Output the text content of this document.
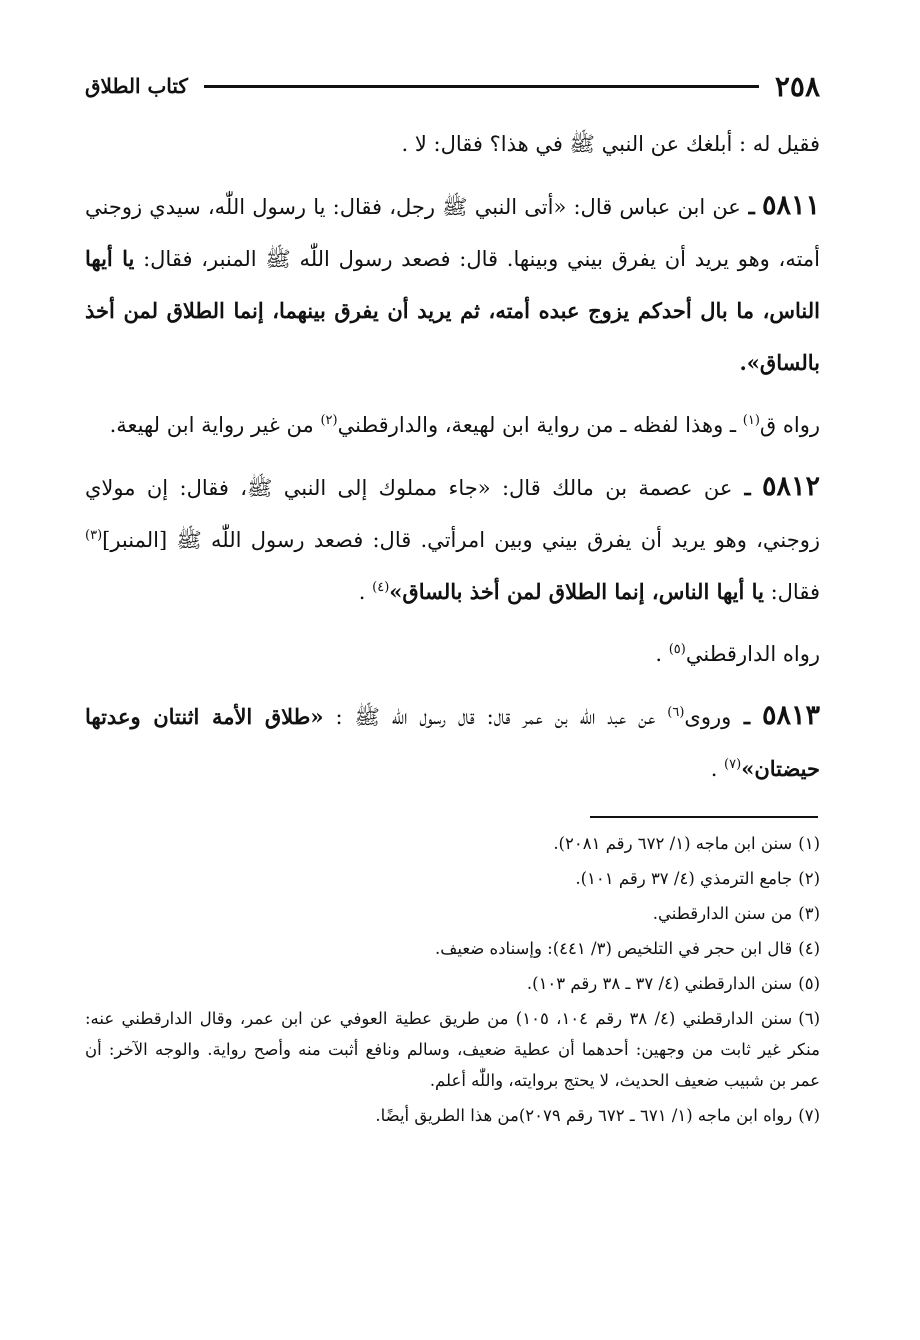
٢٥٨
كتاب الطلاق

فقيل له : أبلغك عن النبي ﷺ في هذا؟ فقال: لا .

٥٨١١ ـ عن ابن عباس قال: «أتى النبي ﷺ رجل، فقال: يا رسول اللّٰه، سيدي زوجني أمته، وهو يريد أن يفرق بيني وبينها. قال: فصعد رسول اللّٰه ﷺ المنبر، فقال: يا أيها الناس، ما بال أحدكم يزوج عبده أمته، ثم يريد أن يفرق بينهما، إنما الطلاق لمن أخذ بالساق».

رواه ق$^{(١)}$ ـ وهذا لفظه ـ من رواية ابن لهيعة، والدارقطني$^{(٢)}$ من غير رواية ابن لهيعة.

٥٨١٢ ـ عن عصمة بن مالك قال: «جاء مملوك إلى النبي ﷺ، فقال: إن مولاي زوجني، وهو يريد أن يفرق بيني وبين امرأتي. قال: فصعد رسول اللّٰه ﷺ [المنبر]$^{(٣)}$ فقال: يا أيها الناس، إنما الطلاق لمن أخذ بالساق»$^{(٤)}$ .

رواه الدارقطني$^{(٥)}$ .

٥٨١٣ ـ وروى$^{(٦)}$ عن عبد اللّٰه بن عمر قال: قال رسول اللّٰه ﷺ : «طلاق الأمة اثنتان وعدتها حيضتان»$^{(٧)}$ .

(١)سنن ابن ماجه (١/ ٦٧٢ رقم ٢٠٨١).

(٢)جامع الترمذي (٤/ ٣٧ رقم ١٠١).

(٣)من سنن الدارقطني.

(٤)قال ابن حجر في التلخيص (٣/ ٤٤١): وإسناده ضعيف.

(٥)سنن الدارقطني (٤/ ٣٧ ـ ٣٨ رقم ١٠٣).

(٦)سنن الدارقطني (٤/ ٣٨ رقم ١٠٤، ١٠٥) من طريق عطية العوفي عن ابن عمر، وقال الدارقطني عنه: منكر غير ثابت من وجهين: أحدهما أن عطية ضعيف، وسالم ونافع أثبت منه وأصح رواية. والوجه الآخر: أن عمر بن شبيب ضعيف الحديث، لا يحتج بروايته، واللّٰه أعلم.

(٧)رواه ابن ماجه (١/ ٦٧١ ـ ٦٧٢ رقم ٢٠٧٩)من هذا الطريق أيضًا.
